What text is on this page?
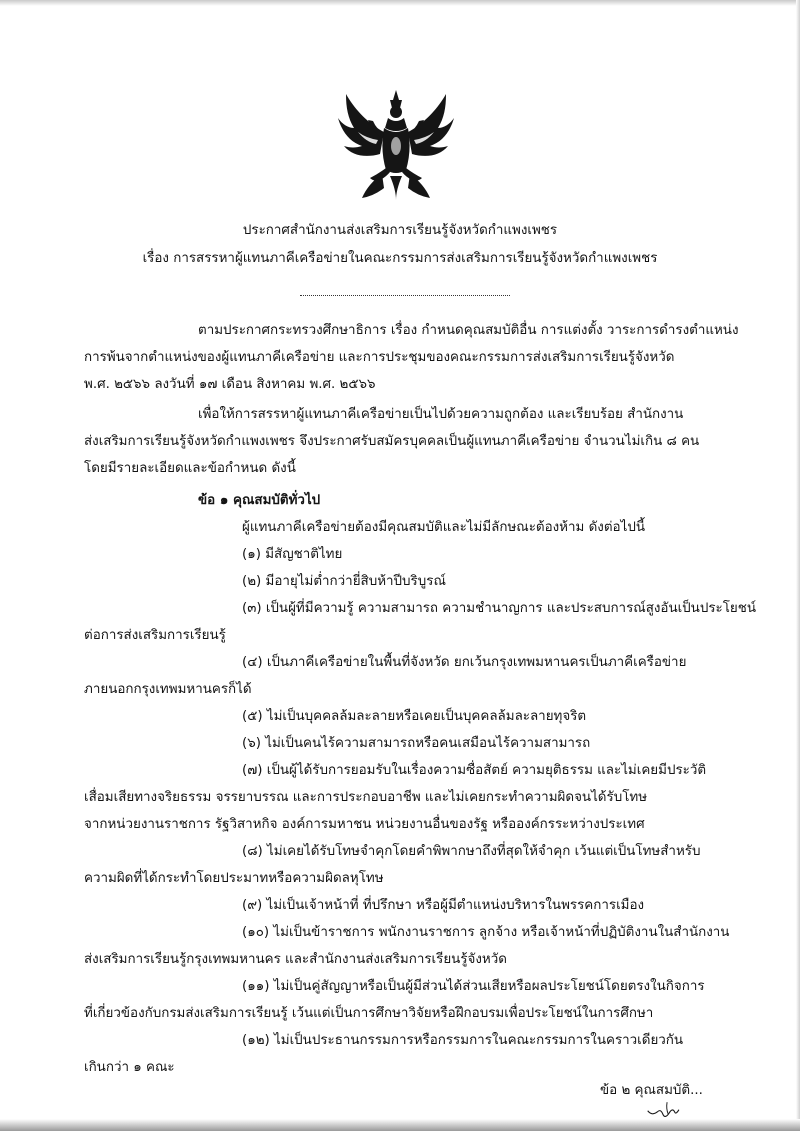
ประกาศสำนักงานส่งเสริมการเรียนรู้จังหวัดกำแพงเพชร
เรื่อง การสรรหาผู้แทนภาคีเครือข่ายในคณะกรรมการส่งเสริมการเรียนรู้จังหวัดกำแพงเพชร
ตามประกาศกระทรวงศึกษาธิการ เรื่อง กำหนดคุณสมบัติอื่น การแต่งตั้ง วาระการดำรงตำแหน่ง
การพ้นจากตำแหน่งของผู้แทนภาคีเครือข่าย และการประชุมของคณะกรรมการส่งเสริมการเรียนรู้จังหวัด
พ.ศ. ๒๕๖๖ ลงวันที่ ๑๗ เดือน สิงหาคม พ.ศ. ๒๕๖๖
เพื่อให้การสรรหาผู้แทนภาคีเครือข่ายเป็นไปด้วยความถูกต้อง และเรียบร้อย สำนักงาน
ส่งเสริมการเรียนรู้จังหวัดกำแพงเพชร จึงประกาศรับสมัครบุคคลเป็นผู้แทนภาคีเครือข่าย จำนวนไม่เกิน ๘ คน
โดยมีรายละเอียดและข้อกำหนด ดังนี้
ข้อ ๑ คุณสมบัติทั่วไป
ผู้แทนภาคีเครือข่ายต้องมีคุณสมบัติและไม่มีลักษณะต้องห้าม ดังต่อไปนี้
(๑) มีสัญชาติไทย
(๒) มีอายุไม่ต่ำกว่ายี่สิบห้าปีบริบูรณ์
(๓) เป็นผู้ที่มีความรู้ ความสามารถ ความชำนาญการ และประสบการณ์สูงอันเป็นประโยชน์
ต่อการส่งเสริมการเรียนรู้
(๔) เป็นภาคีเครือข่ายในพื้นที่จังหวัด ยกเว้นกรุงเทพมหานครเป็นภาคีเครือข่าย
ภายนอกกรุงเทพมหานครก็ได้
(๕) ไม่เป็นบุคคลล้มละลายหรือเคยเป็นบุคคลล้มละลายทุจริต
(๖) ไม่เป็นคนไร้ความสามารถหรือคนเสมือนไร้ความสามารถ
(๗) เป็นผู้ได้รับการยอมรับในเรื่องความซื่อสัตย์ ความยุติธรรม และไม่เคยมีประวัติ
เสื่อมเสียทางจริยธรรม จรรยาบรรณ และการประกอบอาชีพ และไม่เคยกระทำความผิดจนได้รับโทษ
จากหน่วยงานราชการ รัฐวิสาหกิจ องค์การมหาชน หน่วยงานอื่นของรัฐ หรือองค์กรระหว่างประเทศ
(๘) ไม่เคยได้รับโทษจำคุกโดยคำพิพากษาถึงที่สุดให้จำคุก เว้นแต่เป็นโทษสำหรับ
ความผิดที่ได้กระทำโดยประมาทหรือความผิดลหุโทษ
(๙) ไม่เป็นเจ้าหน้าที่ ที่ปรึกษา หรือผู้มีตำแหน่งบริหารในพรรคการเมือง
(๑๐) ไม่เป็นข้าราชการ พนักงานราชการ ลูกจ้าง หรือเจ้าหน้าที่ปฏิบัติงานในสำนักงาน
ส่งเสริมการเรียนรู้กรุงเทพมหานคร และสำนักงานส่งเสริมการเรียนรู้จังหวัด
(๑๑) ไม่เป็นคู่สัญญาหรือเป็นผู้มีส่วนได้ส่วนเสียหรือผลประโยชน์โดยตรงในกิจการ
ที่เกี่ยวข้องกับกรมส่งเสริมการเรียนรู้ เว้นแต่เป็นการศึกษาวิจัยหรือฝึกอบรมเพื่อประโยชน์ในการศึกษา
(๑๒) ไม่เป็นประธานกรรมการหรือกรรมการในคณะกรรมการในคราวเดียวกัน
เกินกว่า ๑ คณะ
ข้อ ๒ คุณสมบัติ...
